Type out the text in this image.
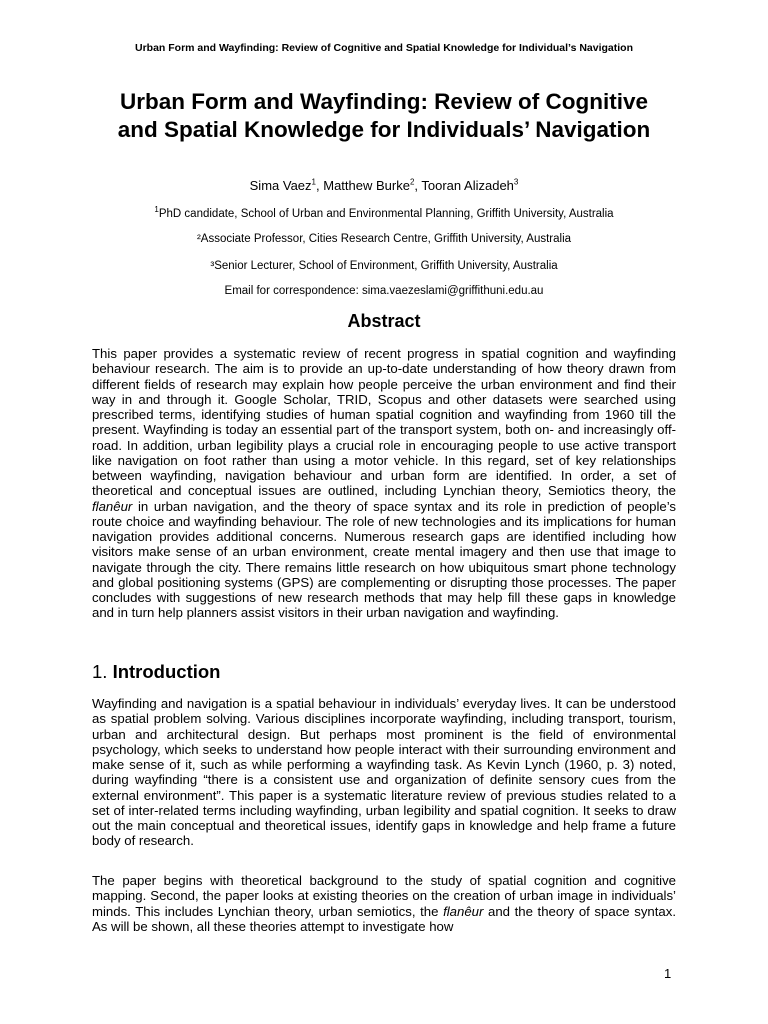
Urban Form and Wayfinding: Review of Cognitive and Spatial Knowledge for Individual’s Navigation
Urban Form and Wayfinding: Review of Cognitive and Spatial Knowledge for Individuals’ Navigation
Sima Vaez$^1$, Matthew Burke$^2$, Tooran Alizadeh$^3$
$^1$PhD candidate, School of Urban and Environmental Planning, Griffith University, Australia
²Associate Professor, Cities Research Centre, Griffith University, Australia
³Senior Lecturer, School of Environment, Griffith University, Australia
Email for correspondence: sima.vaezeslami@griffithuni.edu.au
Abstract
This paper provides a systematic review of recent progress in spatial cognition and wayfinding behaviour research. The aim is to provide an up-to-date understanding of how theory drawn from different fields of research may explain how people perceive the urban environment and find their way in and through it. Google Scholar, TRID, Scopus and other datasets were searched using prescribed terms, identifying studies of human spatial cognition and wayfinding from 1960 till the present. Wayfinding is today an essential part of the transport system, both on- and increasingly off-road. In addition, urban legibility plays a crucial role in encouraging people to use active transport like navigation on foot rather than using a motor vehicle. In this regard, set of key relationships between wayfinding, navigation behaviour and urban form are identified. In order, a set of theoretical and conceptual issues are outlined, including Lynchian theory, Semiotics theory, the flanêur in urban navigation, and the theory of space syntax and its role in prediction of people’s route choice and wayfinding behaviour. The role of new technologies and its implications for human navigation provides additional concerns. Numerous research gaps are identified including how visitors make sense of an urban environment, create mental imagery and then use that image to navigate through the city. There remains little research on how ubiquitous smart phone technology and global positioning systems (GPS) are complementing or disrupting those processes. The paper concludes with suggestions of new research methods that may help fill these gaps in knowledge and in turn help planners assist visitors in their urban navigation and wayfinding.
1. Introduction
Wayfinding and navigation is a spatial behaviour in individuals’ everyday lives. It can be understood as spatial problem solving. Various disciplines incorporate wayfinding, including transport, tourism, urban and architectural design. But perhaps most prominent is the field of environmental psychology, which seeks to understand how people interact with their surrounding environment and make sense of it, such as while performing a wayfinding task. As Kevin Lynch (1960, p. 3) noted, during wayfinding “there is a consistent use and organization of definite sensory cues from the external environment”. This paper is a systematic literature review of previous studies related to a set of inter-related terms including wayfinding, urban legibility and spatial cognition. It seeks to draw out the main conceptual and theoretical issues, identify gaps in knowledge and help frame a future body of research.
The paper begins with theoretical background to the study of spatial cognition and cognitive mapping. Second, the paper looks at existing theories on the creation of urban image in individuals’ minds. This includes Lynchian theory, urban semiotics, the flanêur and the theory of space syntax. As will be shown, all these theories attempt to investigate how
1
